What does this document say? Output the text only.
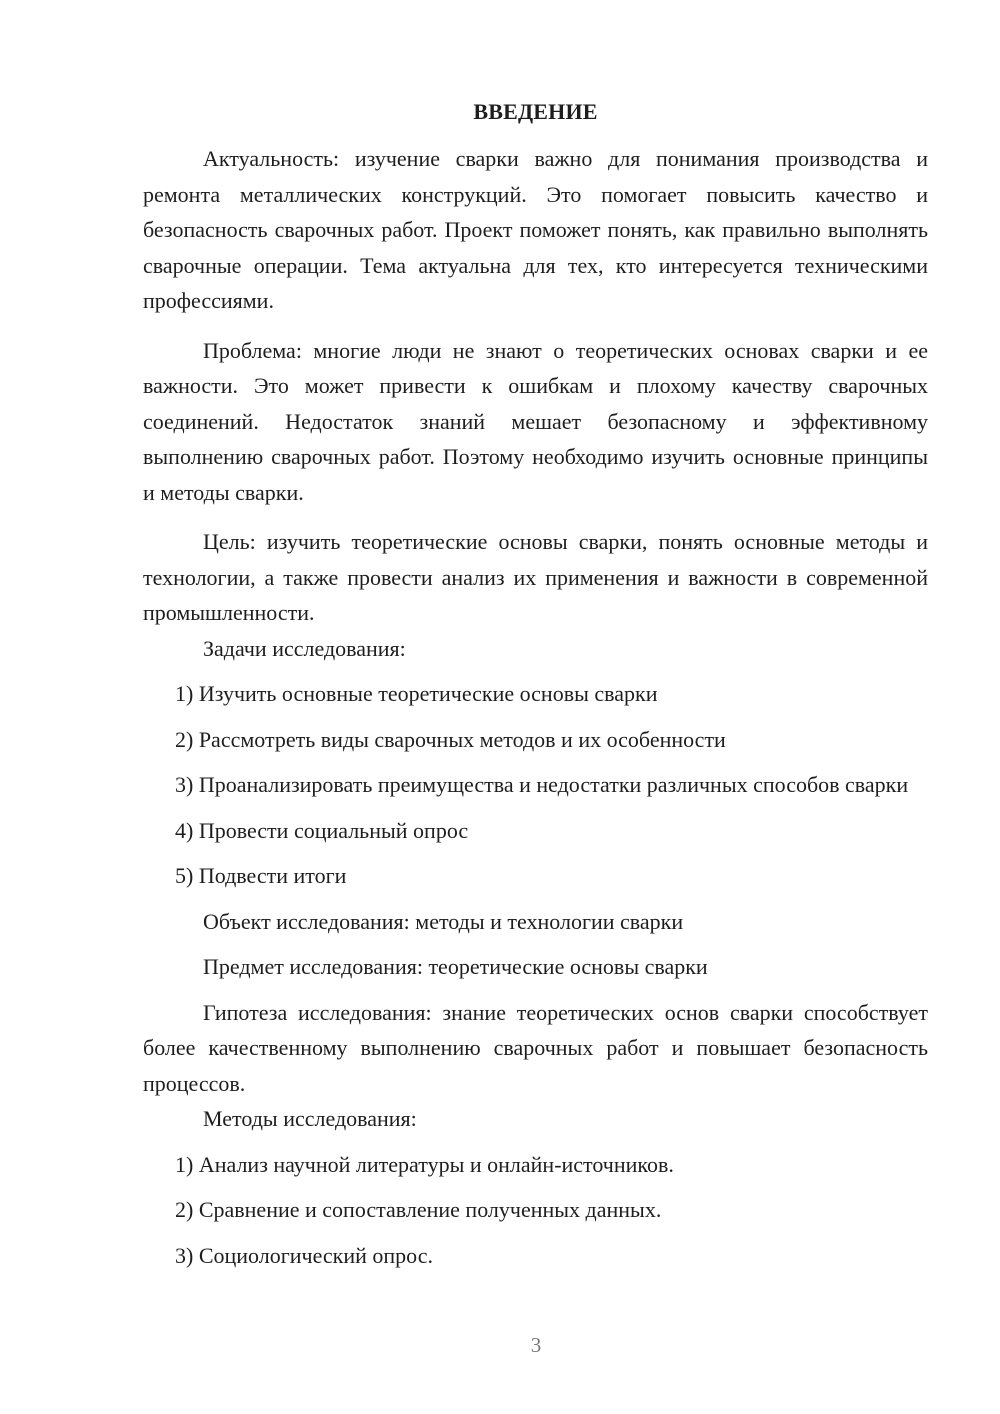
ВВЕДЕНИЕ

Актуальность: изучение сварки важно для понимания производства и ремонта металлических конструкций. Это помогает повысить качество и безопасность сварочных работ. Проект поможет понять, как правильно выполнять сварочные операции. Тема актуальна для тех, кто интересуется техническими профессиями.

Проблема: многие люди не знают о теоретических основах сварки и ее важности. Это может привести к ошибкам и плохому качеству сварочных соединений. Недостаток знаний мешает безопасному и эффективному выполнению сварочных работ. Поэтому необходимо изучить основные принципы и методы сварки.

Цель: изучить теоретические основы сварки, понять основные методы и технологии, а также провести анализ их применения и важности в современной промышленности.

Задачи исследования:

1) Изучить основные теоретические основы сварки

2) Рассмотреть виды сварочных методов и их особенности

3) Проанализировать преимущества и недостатки различных способов сварки

4) Провести социальный опрос

5) Подвести итоги

Объект исследования: методы и технологии сварки

Предмет исследования: теоретические основы сварки

Гипотеза исследования: знание теоретических основ сварки способствует более качественному выполнению сварочных работ и повышает безопасность процессов.

Методы исследования:

1) Анализ научной литературы и онлайн-источников.

2) Сравнение и сопоставление полученных данных.

3) Социологический опрос.

3
